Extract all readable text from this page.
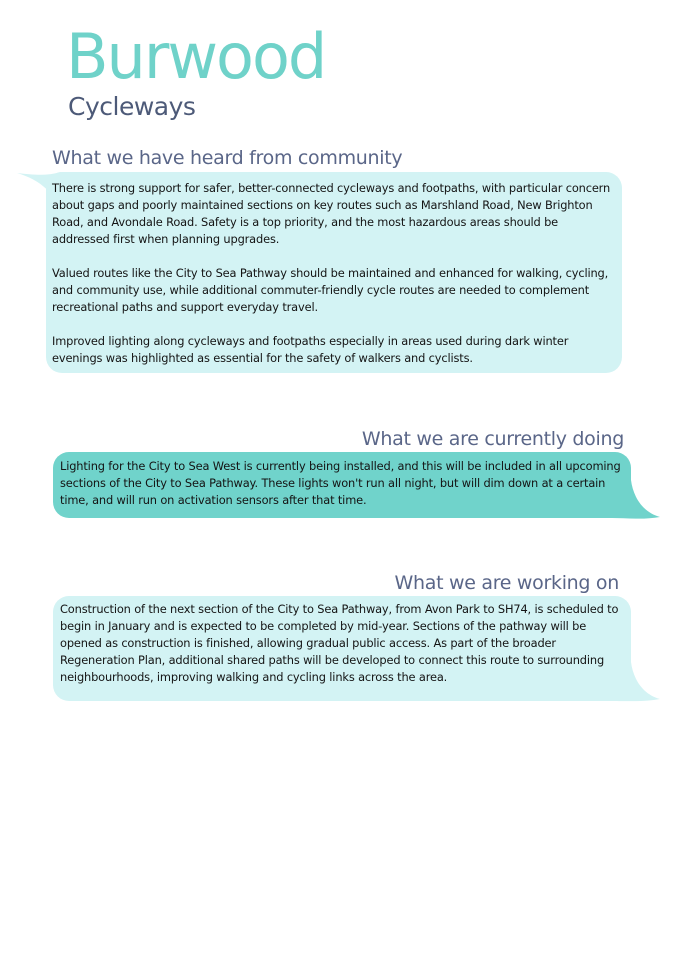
Burwood
Cycleways
What we have heard from community

There is strong support for safer, better-connected cycleways and footpaths, with particular concern about gaps and poorly maintained sections on key routes such as Marshland Road, New Brighton Road, and Avondale Road. Safety is a top priority, and the most hazardous areas should be addressed first when planning upgrades.

Valued routes like the City to Sea Pathway should be maintained and enhanced for walking, cycling, and community use, while additional commuter-friendly cycle routes are needed to complement recreational paths and support everyday travel.

Improved lighting along cycleways and footpaths especially in areas used during dark winter evenings was highlighted as essential for the safety of walkers and cyclists.

What we are currently doing

Lighting for the City to Sea West is currently being installed, and this will be included in all upcoming sections of the City to Sea Pathway. These lights won't run all night, but will dim down at a certain time, and will run on activation sensors after that time.

What we are working on

Construction of the next section of the City to Sea Pathway, from Avon Park to SH74, is scheduled to begin in January and is expected to be completed by mid-year. Sections of the pathway will be opened as construction is finished, allowing gradual public access. As part of the broader Regeneration Plan, additional shared paths will be developed to connect this route to surrounding neighbourhoods, improving walking and cycling links across the area.
